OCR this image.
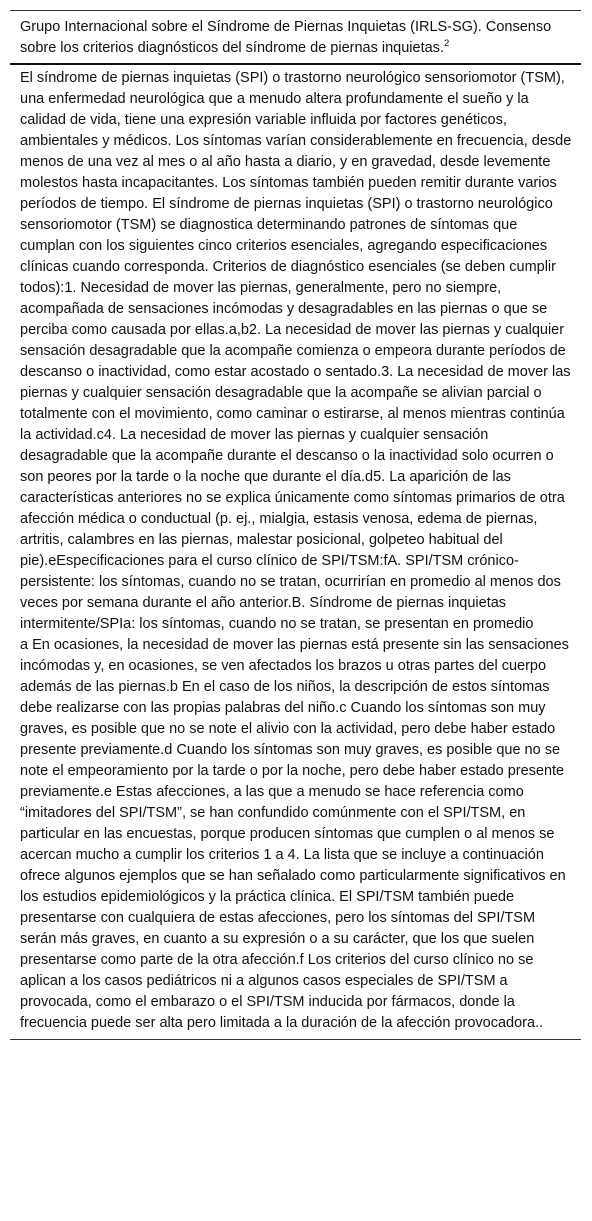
Grupo Internacional sobre el Síndrome de Piernas Inquietas (IRLS-SG). Consenso sobre los criterios diagnósticos del síndrome de piernas inquietas.$^2$

El síndrome de piernas inquietas (SPI) o trastorno neurológico sensoriomotor (TSM), una enfermedad neurológica que a menudo altera profundamente el sueño y la calidad de vida, tiene una expresión variable influida por factores genéticos, ambientales y médicos. Los síntomas varían considerablemente en frecuencia, desde menos de una vez al mes o al año hasta a diario, y en gravedad, desde levemente molestos hasta incapacitantes. Los síntomas también pueden remitir durante varios períodos de tiempo. El síndrome de piernas inquietas (SPI) o trastorno neurológico sensoriomotor (TSM) se diagnostica determinando patrones de síntomas que cumplan con los siguientes cinco criterios esenciales, agregando especificaciones clínicas cuando corresponda. Criterios de diagnóstico esenciales (se deben cumplir todos):1. Necesidad de mover las piernas, generalmente, pero no siempre, acompañada de sensaciones incómodas y desagradables en las piernas o que se perciba como causada por ellas.a,b2. La necesidad de mover las piernas y cualquier sensación desagradable que la acompañe comienza o empeora durante períodos de descanso o inactividad, como estar acostado o sentado.3. La necesidad de mover las piernas y cualquier sensación desagradable que la acompañe se alivian parcial o totalmente con el movimiento, como caminar o estirarse, al menos mientras continúa la actividad.c4. La necesidad de mover las piernas y cualquier sensación desagradable que la acompañe durante el descanso o la inactividad solo ocurren o son peores por la tarde o la noche que durante el día.d5. La aparición de las características anteriores no se explica únicamente como síntomas primarios de otra afección médica o conductual (p. ej., mialgia, estasis venosa, edema de piernas, artritis, calambres en las piernas, malestar posicional, golpeteo habitual del pie).eEspecificaciones para el curso clínico de SPI/TSM:fA. SPI/TSM crónico-persistente: los síntomas, cuando no se tratan, ocurrirían en promedio al menos dos veces por semana durante el año anterior.B. Síndrome de piernas inquietas intermitente/SPIa: los síntomas, cuando no se tratan, se presentan en promedio

a En ocasiones, la necesidad de mover las piernas está presente sin las sensaciones incómodas y, en ocasiones, se ven afectados los brazos u otras partes del cuerpo además de las piernas.b En el caso de los niños, la descripción de estos síntomas debe realizarse con las propias palabras del niño.c Cuando los síntomas son muy graves, es posible que no se note el alivio con la actividad, pero debe haber estado presente previamente.d Cuando los síntomas son muy graves, es posible que no se note el empeoramiento por la tarde o por la noche, pero debe haber estado presente previamente.e Estas afecciones, a las que a menudo se hace referencia como “imitadores del SPI/TSM”, se han confundido comúnmente con el SPI/TSM, en particular en las encuestas, porque producen síntomas que cumplen o al menos se acercan mucho a cumplir los criterios 1 a 4. La lista que se incluye a continuación ofrece algunos ejemplos que se han señalado como particularmente significativos en los estudios epidemiológicos y la práctica clínica. El SPI/TSM también puede presentarse con cualquiera de estas afecciones, pero los síntomas del SPI/TSM serán más graves, en cuanto a su expresión o a su carácter, que los que suelen presentarse como parte de la otra afección.f Los criterios del curso clínico no se aplican a los casos pediátricos ni a algunos casos especiales de SPI/TSM a provocada, como el embarazo o el SPI/TSM inducida por fármacos, donde la frecuencia puede ser alta pero limitada a la duración de la afección provocadora..
